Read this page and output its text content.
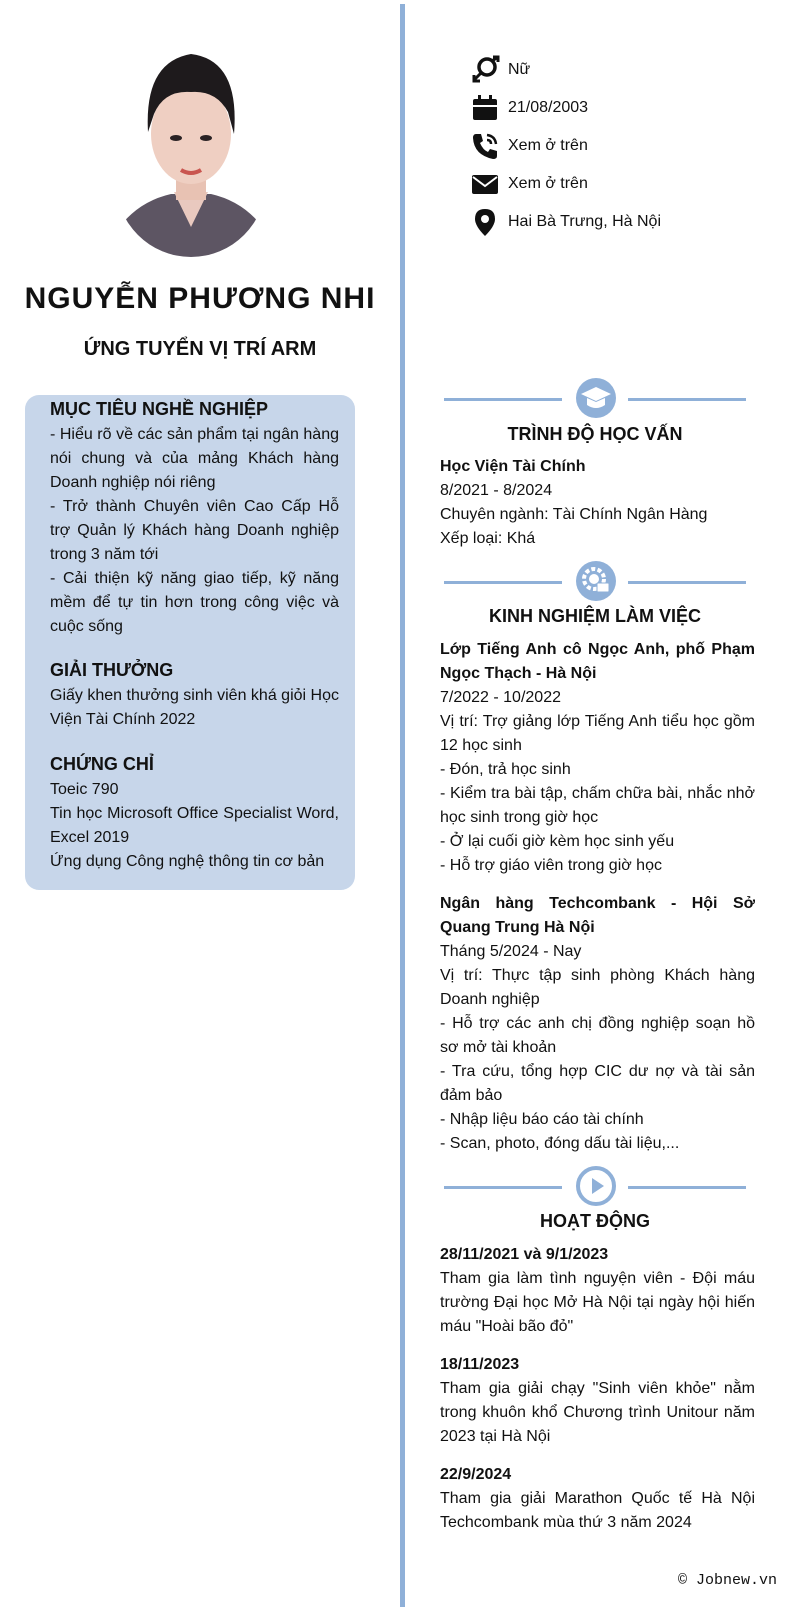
NGUYỄN PHƯƠNG NHI
ỨNG TUYỂN VỊ TRÍ ARM
Nữ
21/08/2003
Xem ở trên
Xem ở trên
Hai Bà Trưng, Hà Nội
MỤC TIÊU NGHỀ NGHIỆP

- Hiểu rõ về các sản phẩm tại ngân hàng nói chung và của mảng Khách hàng Doanh nghiệp nói riêng

- Trở thành Chuyên viên Cao Cấp Hỗ trợ Quản lý Khách hàng Doanh nghiệp trong 3 năm tới

- Cải thiện kỹ năng giao tiếp, kỹ năng mềm để tự tin hơn trong công việc và cuộc sống

GIẢI THƯỞNG

Giấy khen thưởng sinh viên khá giỏi Học Viện Tài Chính 2022

CHỨNG CHỈ

Toeic 790

Tin học Microsoft Office Specialist Word, Excel 2019

Ứng dụng Công nghệ thông tin cơ bản

TRÌNH ĐỘ HỌC VẤN

Học Viện Tài Chính

8/2021 - 8/2024

Chuyên ngành: Tài Chính Ngân Hàng

Xếp loại: Khá

KINH NGHIỆM LÀM VIỆC

Lớp Tiếng Anh cô Ngọc Anh, phố Phạm Ngọc Thạch - Hà Nội

7/2022 - 10/2022

Vị trí: Trợ giảng lớp Tiếng Anh tiểu học gồm 12 học sinh

- Đón, trả học sinh

- Kiểm tra bài tập, chấm chữa bài, nhắc nhở học sinh trong giờ học

- Ở lại cuối giờ kèm học sinh yếu

- Hỗ trợ giáo viên trong giờ học

Ngân hàng Techcombank - Hội Sở Quang Trung Hà Nội

Tháng 5/2024 - Nay

Vị trí: Thực tập sinh phòng Khách hàng Doanh nghiệp

- Hỗ trợ các anh chị đồng nghiệp soạn hồ sơ mở tài khoản

- Tra cứu, tổng hợp CIC dư nợ và tài sản đảm bảo

- Nhập liệu báo cáo tài chính

- Scan, photo, đóng dấu tài liệu,...

HOẠT ĐỘNG

28/11/2021 và 9/1/2023

Tham gia làm tình nguyện viên - Đội máu trường Đại học Mở Hà Nội tại ngày hội hiến máu "Hoài bão đỏ"

18/11/2023

Tham gia giải chạy "Sinh viên khỏe" nằm trong khuôn khổ Chương trình Unitour năm 2023 tại Hà Nội

22/9/2024

Tham gia giải Marathon Quốc tế Hà Nội Techcombank mùa thứ 3 năm 2024

© Jobnew.vn
